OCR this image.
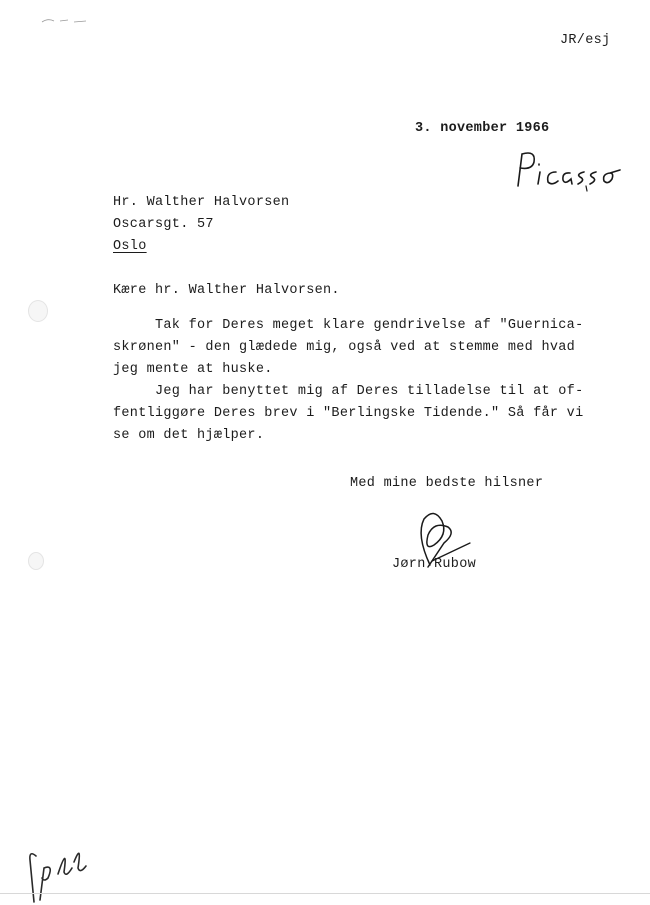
JR/esj
3. november 1966
Hr. Walther Halvorsen
Oscarsgt. 57
Oslo
Kære hr. Walther Halvorsen.

Tak for Deres meget klare gendrivelse af "Guernica-

skrønen" - den glædede mig, også ved at stemme med hvad

jeg mente at huske.

Jeg har benyttet mig af Deres tilladelse til at of-

fentliggøre Deres brev i "Berlingske Tidende." Så får vi

se om det hjælper.

Med mine bedste hilsner
Jørn Rubow
